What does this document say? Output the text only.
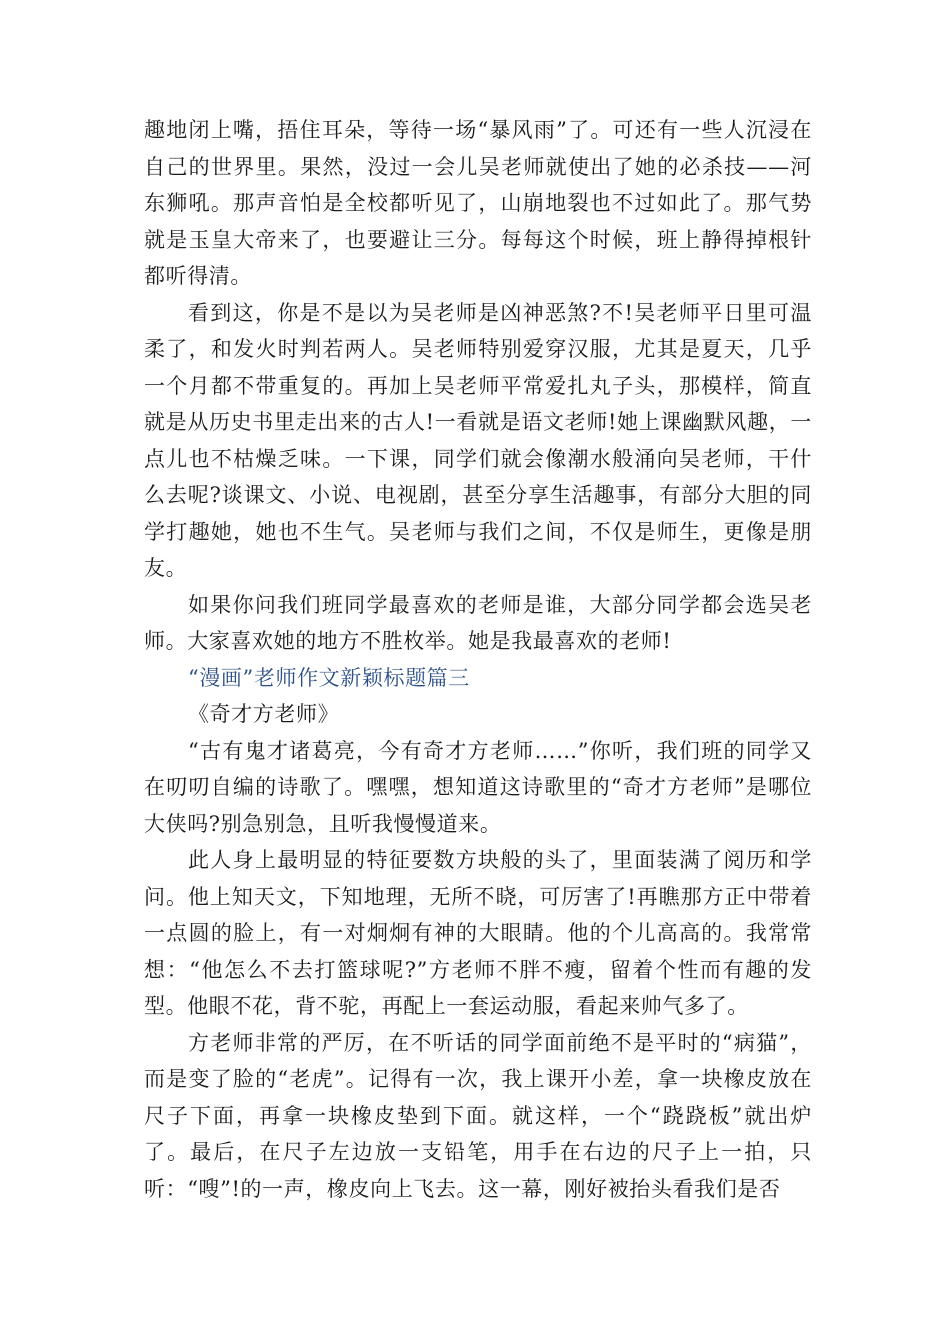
趣地闭上嘴，捂住耳朵，等待一场“暴风雨”了。可还有一些人沉浸在自己的世界里。果然，没过一会儿吴老师就使出了她的必杀技——河东狮吼。那声音怕是全校都听见了，山崩地裂也不过如此了。那气势就是玉皇大帝来了，也要避让三分。每每这个时候，班上静得掉根针都听得清。

看到这，你是不是以为吴老师是凶神恶煞?不!吴老师平日里可温柔了，和发火时判若两人。吴老师特别爱穿汉服，尤其是夏天，几乎一个月都不带重复的。再加上吴老师平常爱扎丸子头，那模样，简直就是从历史书里走出来的古人!一看就是语文老师!她上课幽默风趣，一点儿也不枯燥乏味。一下课，同学们就会像潮水般涌向吴老师，干什么去呢?谈课文、小说、电视剧，甚至分享生活趣事，有部分大胆的同学打趣她，她也不生气。吴老师与我们之间，不仅是师生，更像是朋友。

如果你问我们班同学最喜欢的老师是谁，大部分同学都会选吴老师。大家喜欢她的地方不胜枚举。她是我最喜欢的老师!

“漫画”老师作文新颖标题篇三

《奇才方老师》

“古有鬼才诸葛亮，今有奇才方老师……”你听，我们班的同学又在叨叨自编的诗歌了。嘿嘿，想知道这诗歌里的“奇才方老师”是哪位大侠吗?别急别急，且听我慢慢道来。

此人身上最明显的特征要数方块般的头了，里面装满了阅历和学问。他上知天文，下知地理，无所不晓，可厉害了!再瞧那方正中带着一点圆的脸上，有一对炯炯有神的大眼睛。他的个儿高高的。我常常想：“他怎么不去打篮球呢?”方老师不胖不瘦，留着个性而有趣的发型。他眼不花，背不驼，再配上一套运动服，看起来帅气多了。

方老师非常的严厉，在不听话的同学面前绝不是平时的“病猫”，而是变了脸的“老虎”。记得有一次，我上课开小差，拿一块橡皮放在尺子下面，再拿一块橡皮垫到下面。就这样，一个“跷跷板”就出炉了。最后，在尺子左边放一支铅笔，用手在右边的尺子上一拍，只听：“嗖”!的一声，橡皮向上飞去。这一幕，刚好被抬头看我们是否
